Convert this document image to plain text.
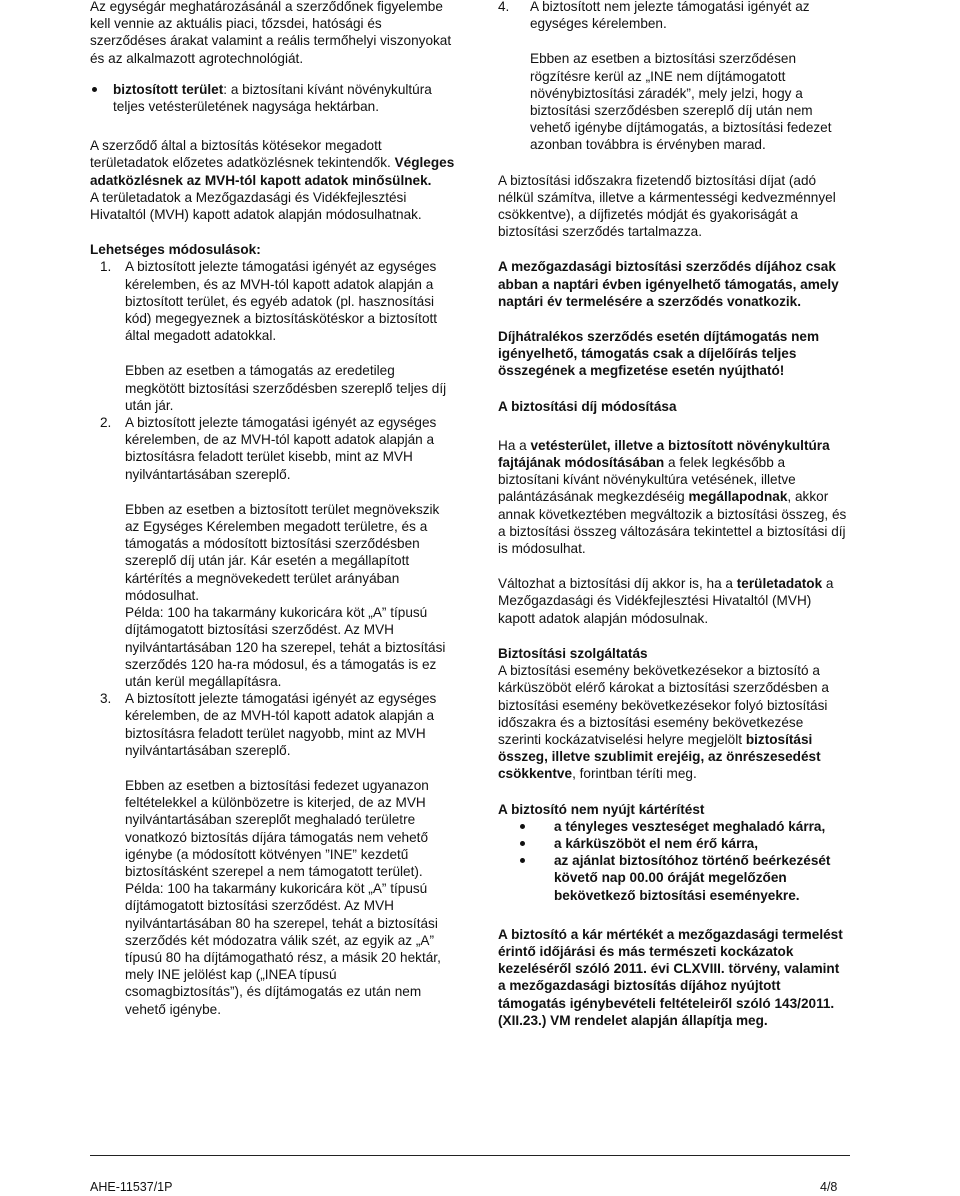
Az egységár meghatározásánál a szerződőnek figyelembe kell vennie az aktuális piaci, tőzsdei, hatósági és szerződéses árakat valamint a reális termőhelyi viszonyokat és az alkalmazott agrotechnológiát.

biztosított terület: a biztosítani kívánt növénykultúra teljes vetésterületének nagysága hektárban.

A szerződő által a biztosítás kötésekor megadott területadatok előzetes adatközlésnek tekintendők. Végleges adatközlésnek az MVH-tól kapott adatok minősülnek.

A területadatok a Mezőgazdasági és Vidékfejlesztési Hivataltól (MVH) kapott adatok alapján módosulhatnak.

Lehetséges módosulások:

1. A biztosított jelezte támogatási igényét az egységes kérelemben, és az MVH-tól kapott adatok alapján a biztosított terület, és egyéb adatok (pl. hasznosítási kód) megegyeznek a biztosításkötéskor a biztosított által megadott adatokkal.

Ebben az esetben a támogatás az eredetileg megkötött biztosítási szerződésben szereplő teljes díj után jár.

2. A biztosított jelezte támogatási igényét az egységes kérelemben, de az MVH-tól kapott adatok alapján a biztosításra feladott terület kisebb, mint az MVH nyilvántartásában szereplő.

Ebben az esetben a biztosított terület megnövekszik az Egységes Kérelemben megadott területre, és a támogatás a módosított biztosítási szerződésben szereplő díj után jár. Kár esetén a megállapított kártérítés a megnövekedett terület arányában módosulhat.

Példa: 100 ha takarmány kukoricára köt „A” típusú díjtámogatott biztosítási szerződést. Az MVH nyilvántartásában 120 ha szerepel, tehát a biztosítási szerződés 120 ha-ra módosul, és a támogatás is ez után kerül megállapításra.

3. A biztosított jelezte támogatási igényét az egységes kérelemben, de az MVH-tól kapott adatok alapján a biztosításra feladott terület nagyobb, mint az MVH nyilvántartásában szereplő.

Ebben az esetben a biztosítási fedezet ugyanazon feltételekkel a különbözetre is kiterjed, de az MVH nyilvántartásában szereplőt meghaladó területre vonatkozó biztosítás díjára támogatás nem vehető igénybe (a módosított kötvényen ”INE” kezdetű biztosításként szerepel a nem támogatott terület).

Példa: 100 ha takarmány kukoricára köt „A” típusú díjtámogatott biztosítási szerződést. Az MVH nyilvántartásában 80 ha szerepel, tehát a biztosítási szerződés két módozatra válik szét, az egyik az „A” típusú 80 ha díjtámogatható rész, a másik 20 hektár, mely INE jelölést kap („INEA típusú csomagbiztosítás”), és díjtámogatás ez után nem vehető igénybe.

4. A biztosított nem jelezte támogatási igényét az egységes kérelemben.

Ebben az esetben a biztosítási szerződésen rögzítésre kerül az „INE nem díjtámogatott növénybiztosítási záradék”, mely jelzi, hogy a biztosítási szerződésben szereplő díj után nem vehető igénybe díjtámogatás, a biztosítási fedezet azonban továbbra is érvényben marad.

A biztosítási időszakra fizetendő biztosítási díjat (adó nélkül számítva, illetve a kármentességi kedvezménnyel csökkentve), a díjfizetés módját és gyakoriságát a biztosítási szerződés tartalmazza.

A mezőgazdasági biztosítási szerződés díjához csak abban a naptári évben igényelhető támogatás, amely naptári év termelésére a szerződés vonatkozik.

Díjhátralékos szerződés esetén díjtámogatás nem igényelhető, támogatás csak a díjelőírás teljes összegének a megfizetése esetén nyújtható!

A biztosítási díj módosítása

Ha a vetésterület, illetve a biztosított növénykultúra fajtájának módosításában a felek legkésőbb a biztosítani kívánt növénykultúra vetésének, illetve palántázásának megkezdéséig megállapodnak, akkor annak következtében megváltozik a biztosítási összeg, és a biztosítási összeg változására tekintettel a biztosítási díj is módosulhat.

Változhat a biztosítási díj akkor is, ha a területadatok a Mezőgazdasági és Vidékfejlesztési Hivataltól (MVH) kapott adatok alapján módosulnak.

Biztosítási szolgáltatás

A biztosítási esemény bekövetkezésekor a biztosító a kárküszöböt elérő károkat a biztosítási szerződésben a biztosítási esemény bekövetkezésekor folyó biztosítási időszakra és a biztosítási esemény bekövetkezése szerinti kockázatviselési helyre megjelölt biztosítási összeg, illetve szublimit erejéig, az önrészesedést csökkentve, forintban téríti meg.

A biztosító nem nyújt kártérítést

a tényleges veszteséget meghaladó kárra,
a kárküszöböt el nem érő kárra,
az ajánlat biztosítóhoz történő beérkezését követő nap 00.00 óráját megelőzően bekövetkező biztosítási eseményekre.

A biztosító a kár mértékét a mezőgazdasági termelést érintő időjárási és más természeti kockázatok kezeléséről szóló 2011. évi CLXVIII. törvény, valamint a mezőgazdasági biztosítás díjához nyújtott támogatás igénybevételi feltételeiről szóló 143/2011.(XII.23.) VM rendelet alapján állapítja meg.

AHE-11537/1P	4/8
